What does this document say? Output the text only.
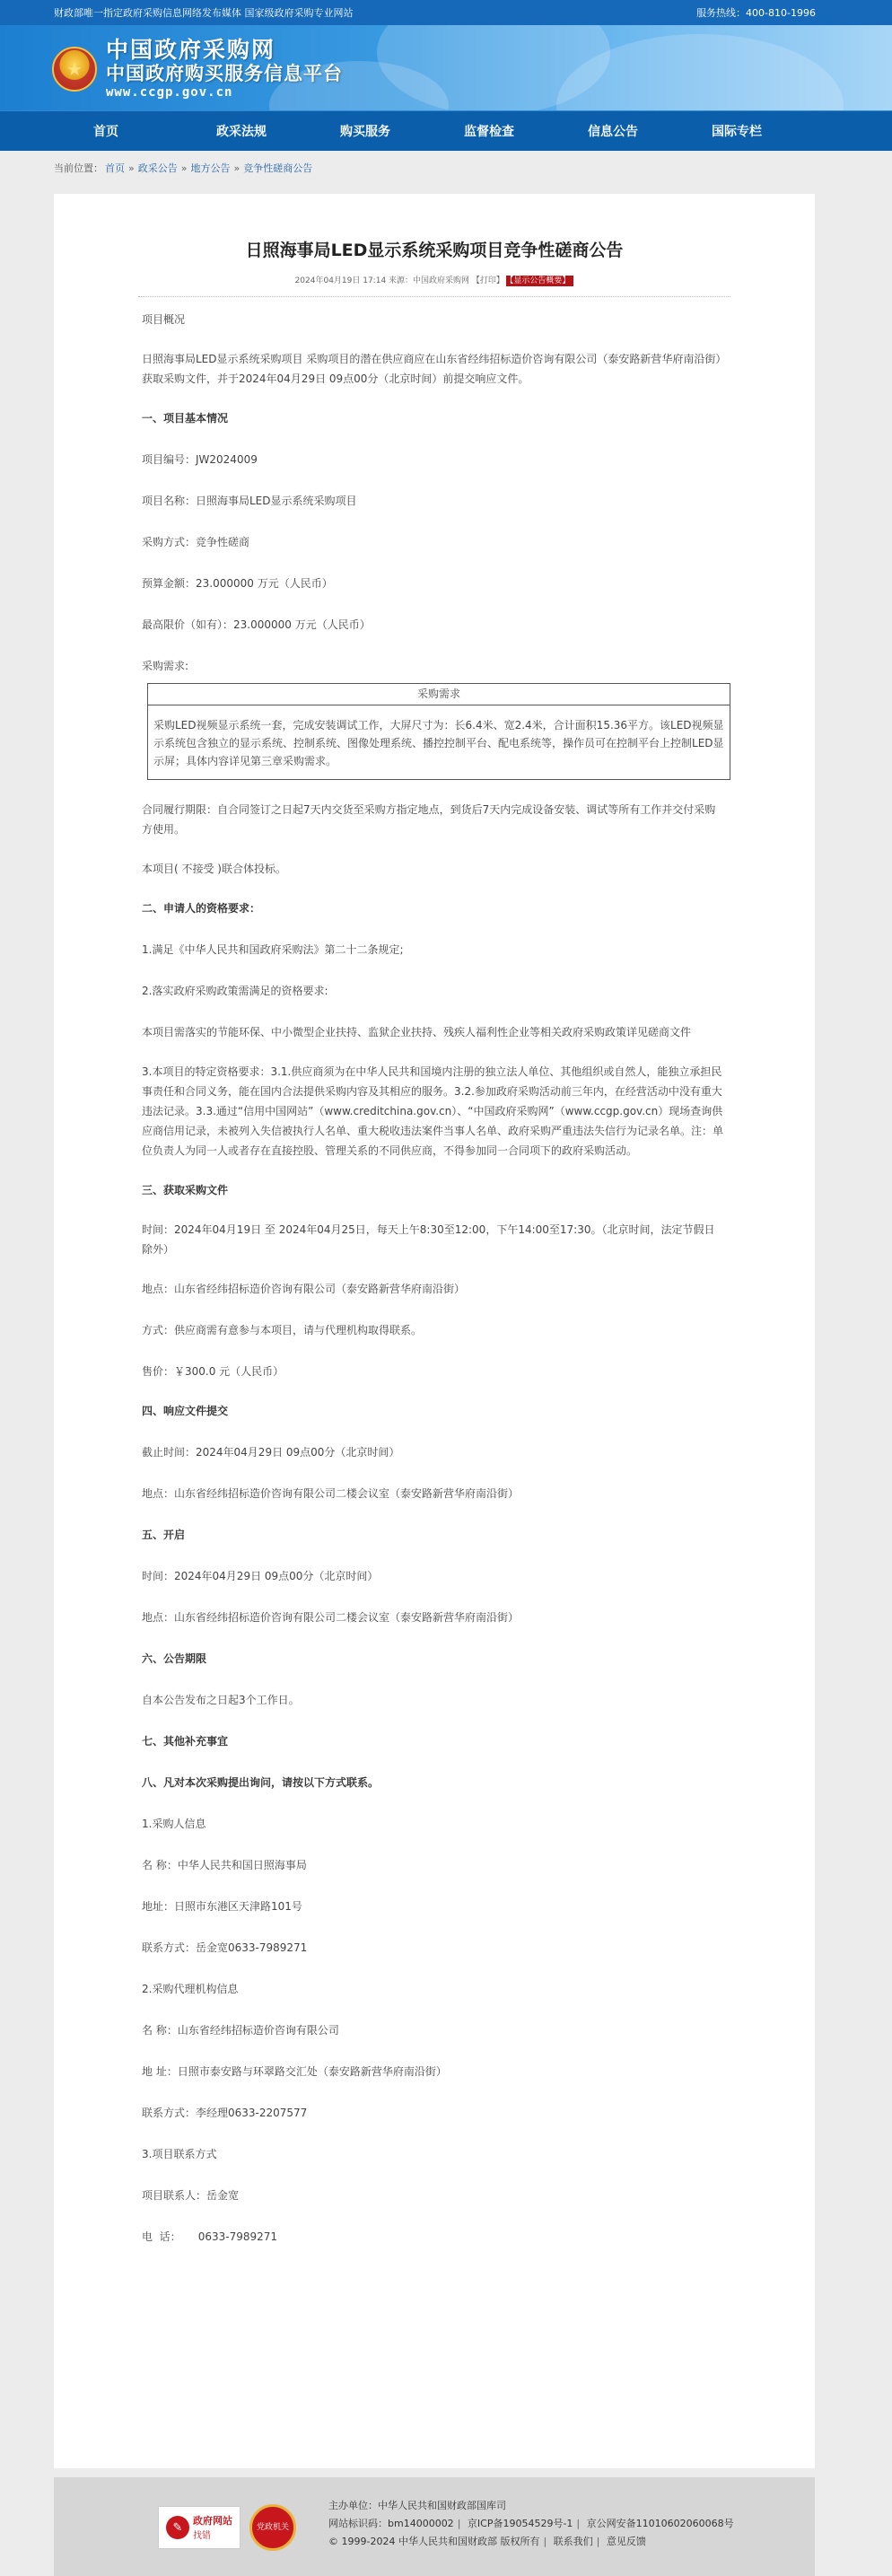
财政部唯一指定政府采购信息网络发布媒体 国家级政府采购专业网站	服务热线：400-810-1996
★
中国政府采购网
中国政府购买服务信息平台
www.ccgp.gov.cn
首页	政采法规	购买服务	监督检查	信息公告	国际专栏
当前位置： 首页 » 政采公告 » 地方公告 » 竞争性磋商公告
日照海事局LED显示系统采购项目竞争性磋商公告
2024年04月19日 17:14 来源：中国政府采购网 【打印】 【显示公告概要】

项目概况

日照海事局LED显示系统采购项目 采购项目的潜在供应商应在山东省经纬招标造价咨询有限公司（泰安路新营华府南沿街）获取采购文件，并于2024年04月29日 09点00分（北京时间）前提交响应文件。

一、项目基本情况

项目编号：JW2024009

项目名称：日照海事局LED显示系统采购项目

采购方式：竞争性磋商

预算金额：23.000000 万元（人民币）

最高限价（如有）：23.000000 万元（人民币）

采购需求:

采购需求
采购LED视频显示系统一套，完成安装调试工作，大屏尺寸为：长6.4米、宽2.4米，合计面积15.36平方。该LED视频显示系统包含独立的显示系统、控制系统、图像处理系统、播控控制平台、配电系统等，操作员可在控制平台上控制LED显示屏；具体内容详见第三章采购需求。

合同履行期限：自合同签订之日起7天内交货至采购方指定地点，到货后7天内完成设备安装、调试等所有工作并交付采购方使用。

本项目( 不接受 )联合体投标。

二、申请人的资格要求：

1.满足《中华人民共和国政府采购法》第二十二条规定;

2.落实政府采购政策需满足的资格要求:

本项目需落实的节能环保、中小微型企业扶持、监狱企业扶持、残疾人福利性企业等相关政府采购政策详见磋商文件

3.本项目的特定资格要求：3.1.供应商须为在中华人民共和国境内注册的独立法人单位、其他组织或自然人，能独立承担民事责任和合同义务，能在国内合法提供采购内容及其相应的服务。3.2.参加政府采购活动前三年内，在经营活动中没有重大违法记录。3.3.通过“信用中国网站”（www.creditchina.gov.cn）、“中国政府采购网”（www.ccgp.gov.cn）现场查询供应商信用记录，未被列入失信被执行人名单、重大税收违法案件当事人名单、政府采购严重违法失信行为记录名单。注：单位负责人为同一人或者存在直接控股、管理关系的不同供应商，不得参加同一合同项下的政府采购活动。

三、获取采购文件

时间：2024年04月19日 至 2024年04月25日，每天上午8:30至12:00，下午14:00至17:30。（北京时间，法定节假日除外）

地点：山东省经纬招标造价咨询有限公司（泰安路新营华府南沿街）

方式：供应商需有意参与本项目，请与代理机构取得联系。

售价：￥300.0 元（人民币）

四、响应文件提交

截止时间：2024年04月29日 09点00分（北京时间）

地点：山东省经纬招标造价咨询有限公司二楼会议室（泰安路新营华府南沿街）

五、开启

时间：2024年04月29日 09点00分（北京时间）

地点：山东省经纬招标造价咨询有限公司二楼会议室（泰安路新营华府南沿街）

六、公告期限

自本公告发布之日起3个工作日。

七、其他补充事宜

八、凡对本次采购提出询问，请按以下方式联系。

1.采购人信息

名 称：中华人民共和国日照海事局

地址：日照市东港区天津路101号

联系方式：岳金宽0633-7989271

2.采购代理机构信息

名 称：山东省经纬招标造价咨询有限公司

地 址：日照市泰安路与环翠路交汇处（泰安路新营华府南沿街）

联系方式：李经理0633-2207577

3.项目联系方式

项目联系人：岳金宽

电  话：     0633-7989271

✎
政府网站
找错
党政机关
主办单位：中华人民共和国财政部国库司
网站标识码：bm14000002 | 京ICP备19054529号-1 | 京公网安备11010602060068号
© 1999-2024 中华人民共和国财政部 版权所有 | 联系我们 | 意见反馈
